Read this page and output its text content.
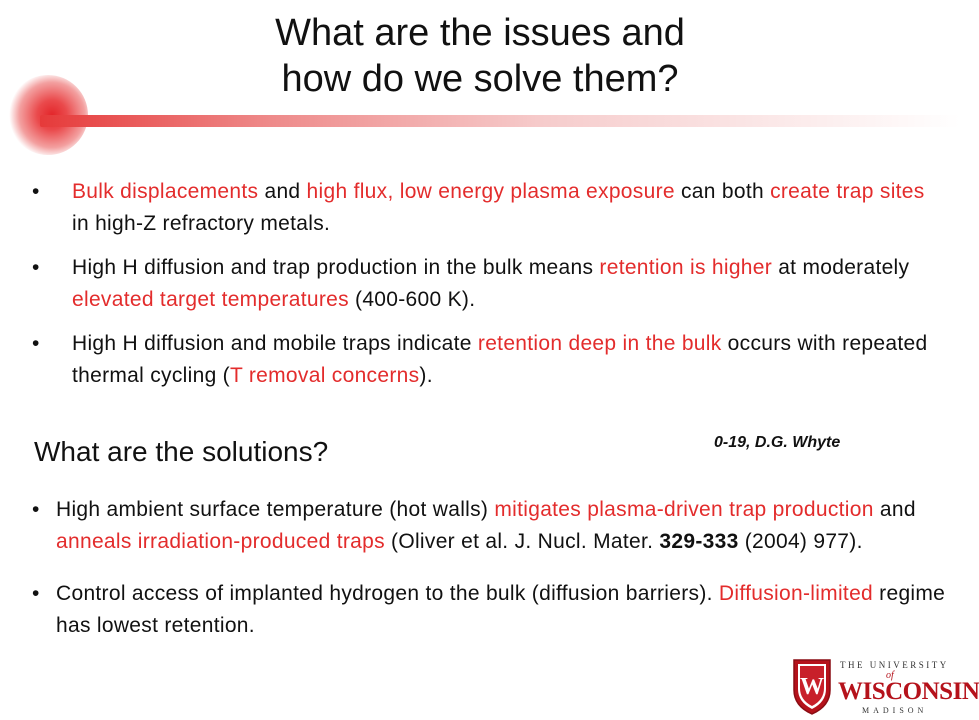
What are the issues and
how do we solve them?
• Bulk displacements and high flux, low energy plasma exposure can both create trap sites in high-Z refractory metals.
• High H diffusion and trap production in the bulk means retention is higher at moderately elevated target temperatures (400-600 K).
• High H diffusion and mobile traps indicate retention deep in the bulk occurs with repeated thermal cycling (T removal concerns).
What are the solutions?	0-19, D.G. Whyte
• High ambient surface temperature (hot walls) mitigates plasma-driven trap production and anneals irradiation-produced traps (Oliver et al. J. Nucl. Mater. 329-333 (2004) 977).
• Control access of implanted hydrogen to the bulk (diffusion barriers). Diffusion-limited regime has lowest retention.
W
THE UNIVERSITY
of
WISCONSIN
MADISON
